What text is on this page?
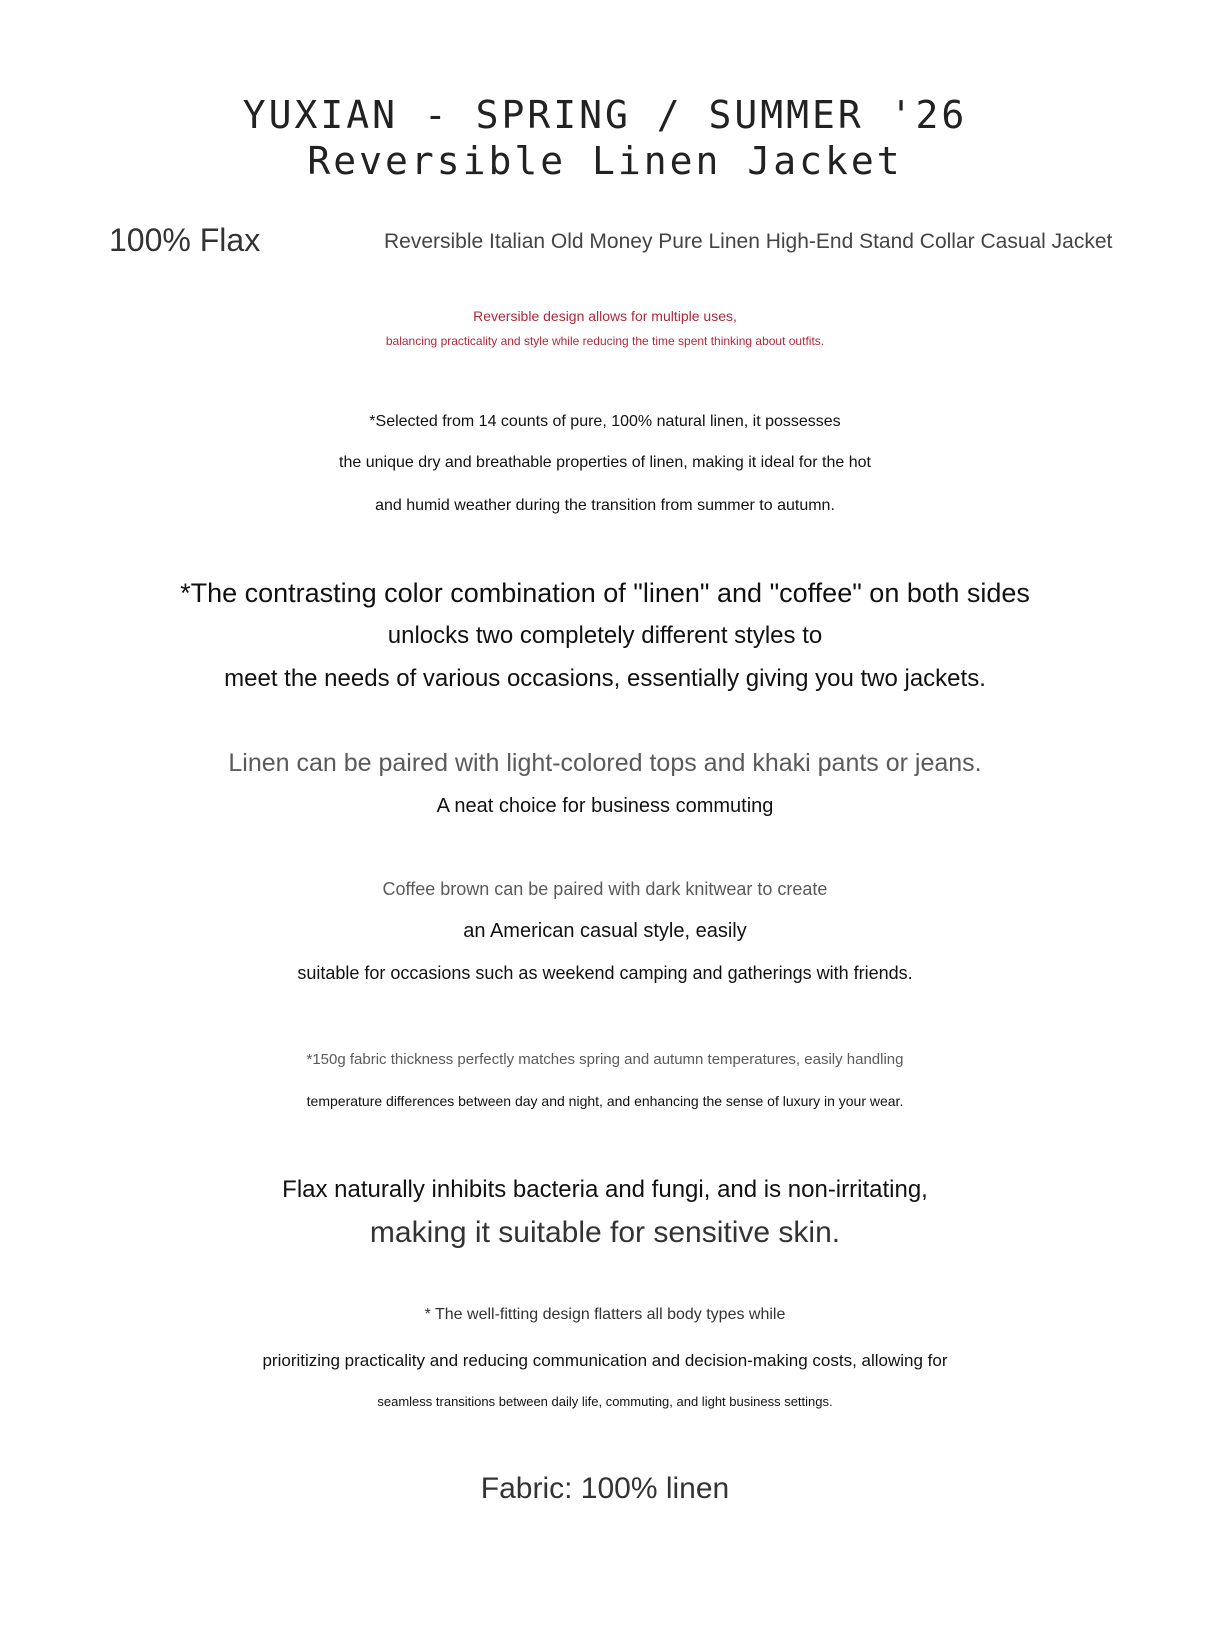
YUXIAN - SPRING / SUMMER '26
Reversible Linen Jacket
100% Flax	Reversible Italian Old Money Pure Linen High-End Stand Collar Casual Jacket
Reversible design allows for multiple uses,
balancing practicality and style while reducing the time spent thinking about outfits.
*Selected from 14 counts of pure, 100% natural linen, it possesses
the unique dry and breathable properties of linen, making it ideal for the hot
and humid weather during the transition from summer to autumn.
*The contrasting color combination of "linen" and "coffee" on both sides
unlocks two completely different styles to
meet the needs of various occasions, essentially giving you two jackets.
Linen can be paired with light-colored tops and khaki pants or jeans.
A neat choice for business commuting
Coffee brown can be paired with dark knitwear to create
an American casual style, easily
suitable for occasions such as weekend camping and gatherings with friends.
*150g fabric thickness perfectly matches spring and autumn temperatures, easily handling
temperature differences between day and night, and enhancing the sense of luxury in your wear.
Flax naturally inhibits bacteria and fungi, and is non-irritating,
making it suitable for sensitive skin.
* The well-fitting design flatters all body types while
prioritizing practicality and reducing communication and decision-making costs, allowing for
seamless transitions between daily life, commuting, and light business settings.
Fabric: 100% linen
